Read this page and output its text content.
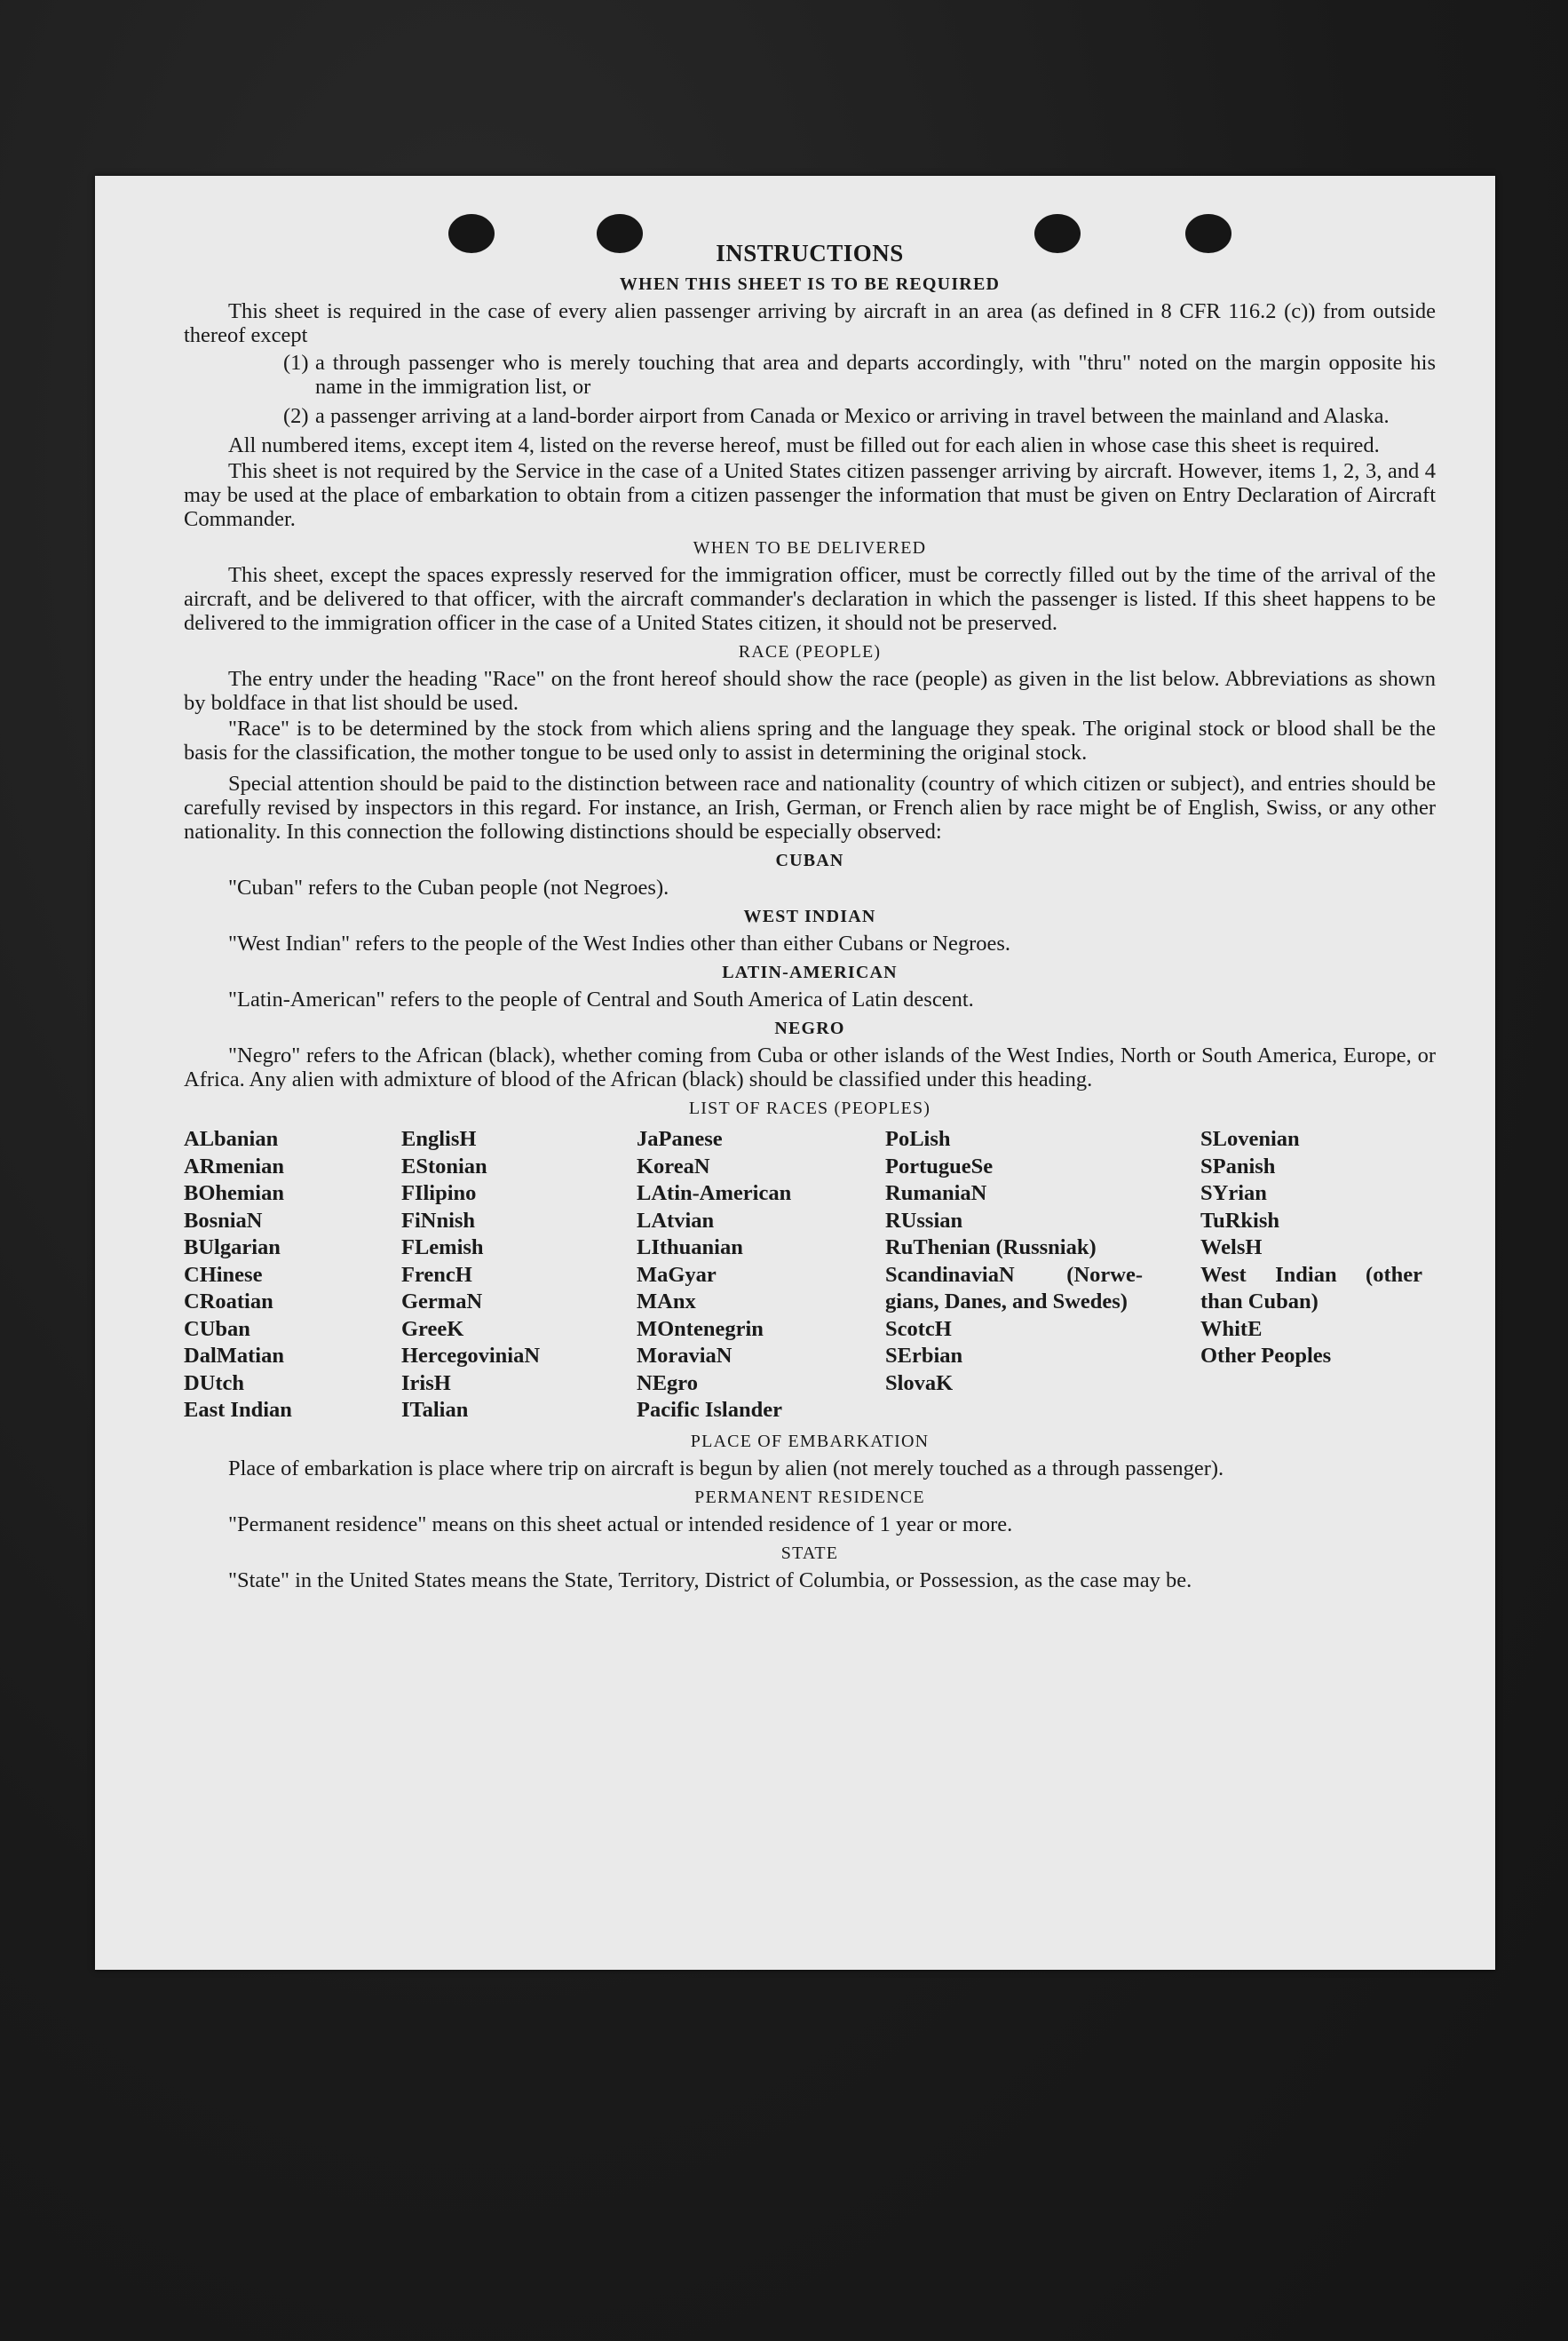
INSTRUCTIONS
WHEN THIS SHEET IS TO BE REQUIRED

This sheet is required in the case of every alien passenger arriving by aircraft in an area (as defined in 8 CFR 116.2 (c)) from outside thereof except

(1) a through passenger who is merely touching that area and departs accordingly, with "thru" noted on the margin opposite his name in the immigration list, or
(2) a passenger arriving at a land-border airport from Canada or Mexico or arriving in travel between the mainland and Alaska.

All numbered items, except item 4, listed on the reverse hereof, must be filled out for each alien in whose case this sheet is required.

This sheet is not required by the Service in the case of a United States citizen passenger arriving by aircraft. However, items 1, 2, 3, and 4 may be used at the place of embarkation to obtain from a citizen passenger the information that must be given on Entry Declaration of Aircraft Commander.

WHEN TO BE DELIVERED

This sheet, except the spaces expressly reserved for the immigration officer, must be correctly filled out by the time of the arrival of the aircraft, and be delivered to that officer, with the aircraft commander's declaration in which the passenger is listed. If this sheet happens to be delivered to the immigration officer in the case of a United States citizen, it should not be preserved.

RACE (PEOPLE)

The entry under the heading "Race" on the front hereof should show the race (people) as given in the list below. Abbreviations as shown by boldface in that list should be used.

"Race" is to be determined by the stock from which aliens spring and the language they speak. The original stock or blood shall be the basis for the classification, the mother tongue to be used only to assist in determining the original stock.

Special attention should be paid to the distinction between race and nationality (country of which citizen or subject), and entries should be carefully revised by inspectors in this regard. For instance, an Irish, German, or French alien by race might be of English, Swiss, or any other nationality. In this connection the following distinctions should be especially observed:

CUBAN

"Cuban" refers to the Cuban people (not Negroes).

WEST INDIAN

"West Indian" refers to the people of the West Indies other than either Cubans or Negroes.

LATIN-AMERICAN

"Latin-American" refers to the people of Central and South America of Latin descent.

NEGRO

"Negro" refers to the African (black), whether coming from Cuba or other islands of the West Indies, North or South America, Europe, or Africa. Any alien with admixture of blood of the African (black) should be classified under this heading.

LIST OF RACES (PEOPLES)
ALbanian
ARmenian
BOhemian
BosniaN
BUlgarian
CHinese
CRoatian
CUban
DalMatian
DUtch
East Indian
EnglisH
EStonian
FIlipino
FiNnish
FLemish
FrencH
GermaN
GreeK
HercegoviniaN
IrisH
ITalian
JaPanese
KoreaN
LAtin-American
LAtvian
LIthuanian
MaGyar
MAnx
MOntenegrin
MoraviaN
NEgro
Pacific Islander
PoLish
PortugueSe
RumaniaN
RUssian
RuThenian (Russniak)
ScandinaviaN (Norwe-gians, Danes, and Swedes)
ScotcH
SErbian
SlovaK
SLovenian
SPanish
SYrian
TuRkish
WelsH
West Indian (other than Cuban)
WhitE
Other Peoples
PLACE OF EMBARKATION

Place of embarkation is place where trip on aircraft is begun by alien (not merely touched as a through passenger).

PERMANENT RESIDENCE

"Permanent residence" means on this sheet actual or intended residence of 1 year or more.

STATE

"State" in the United States means the State, Territory, District of Columbia, or Possession, as the case may be.
